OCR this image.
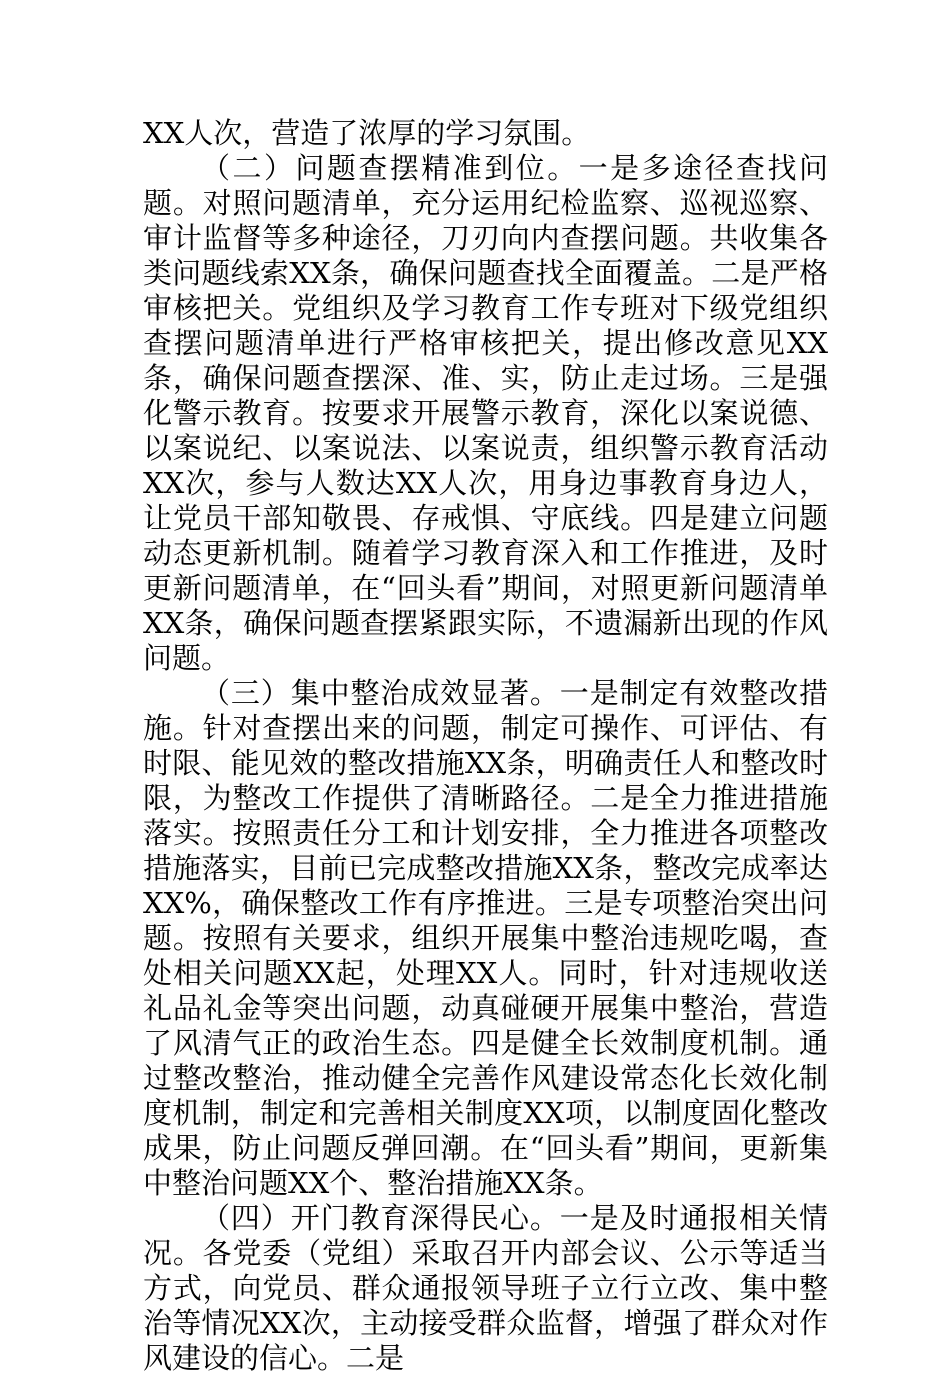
XX人次，营造了浓厚的学习氛围。

（二）问题查摆精准到位。一是多途径查找问题。对照问题清单，充分运用纪检监察、巡视巡察、审计监督等多种途径，刀刃向内查摆问题。共收集各类问题线索XX条，确保问题查找全面覆盖。二是严格审核把关。党组织及学习教育工作专班对下级党组织查摆问题清单进行严格审核把关，提出修改意见XX条，确保问题查摆深、准、实，防止走过场。三是强化警示教育。按要求开展警示教育，深化以案说德、以案说纪、以案说法、以案说责，组织警示教育活动XX次，参与人数达XX人次，用身边事教育身边人，让党员干部知敬畏、存戒惧、守底线。四是建立问题动态更新机制。随着学习教育深入和工作推进，及时更新问题清单，在“回头看”期间，对照更新问题清单XX条，确保问题查摆紧跟实际，不遗漏新出现的作风问题。

（三）集中整治成效显著。一是制定有效整改措施。针对查摆出来的问题，制定可操作、可评估、有时限、能见效的整改措施XX条，明确责任人和整改时限，为整改工作提供了清晰路径。二是全力推进措施落实。按照责任分工和计划安排，全力推进各项整改措施落实，目前已完成整改措施XX条，整改完成率达XX%，确保整改工作有序推进。三是专项整治突出问题。按照有关要求，组织开展集中整治违规吃喝，查处相关问题XX起，处理XX人。同时，针对违规收送礼品礼金等突出问题，动真碰硬开展集中整治，营造了风清气正的政治生态。四是健全长效制度机制。通过整改整治，推动健全完善作风建设常态化长效化制度机制，制定和完善相关制度XX项，以制度固化整改成果，防止问题反弹回潮。在“回头看”期间，更新集中整治问题XX个、整治措施XX条。

（四）开门教育深得民心。一是及时通报相关情况。各党委（党组）采取召开内部会议、公示等适当方式，向党员、群众通报领导班子立行立改、集中整治等情况XX次，主动接受群众监督，增强了群众对作风建设的信心。二是
